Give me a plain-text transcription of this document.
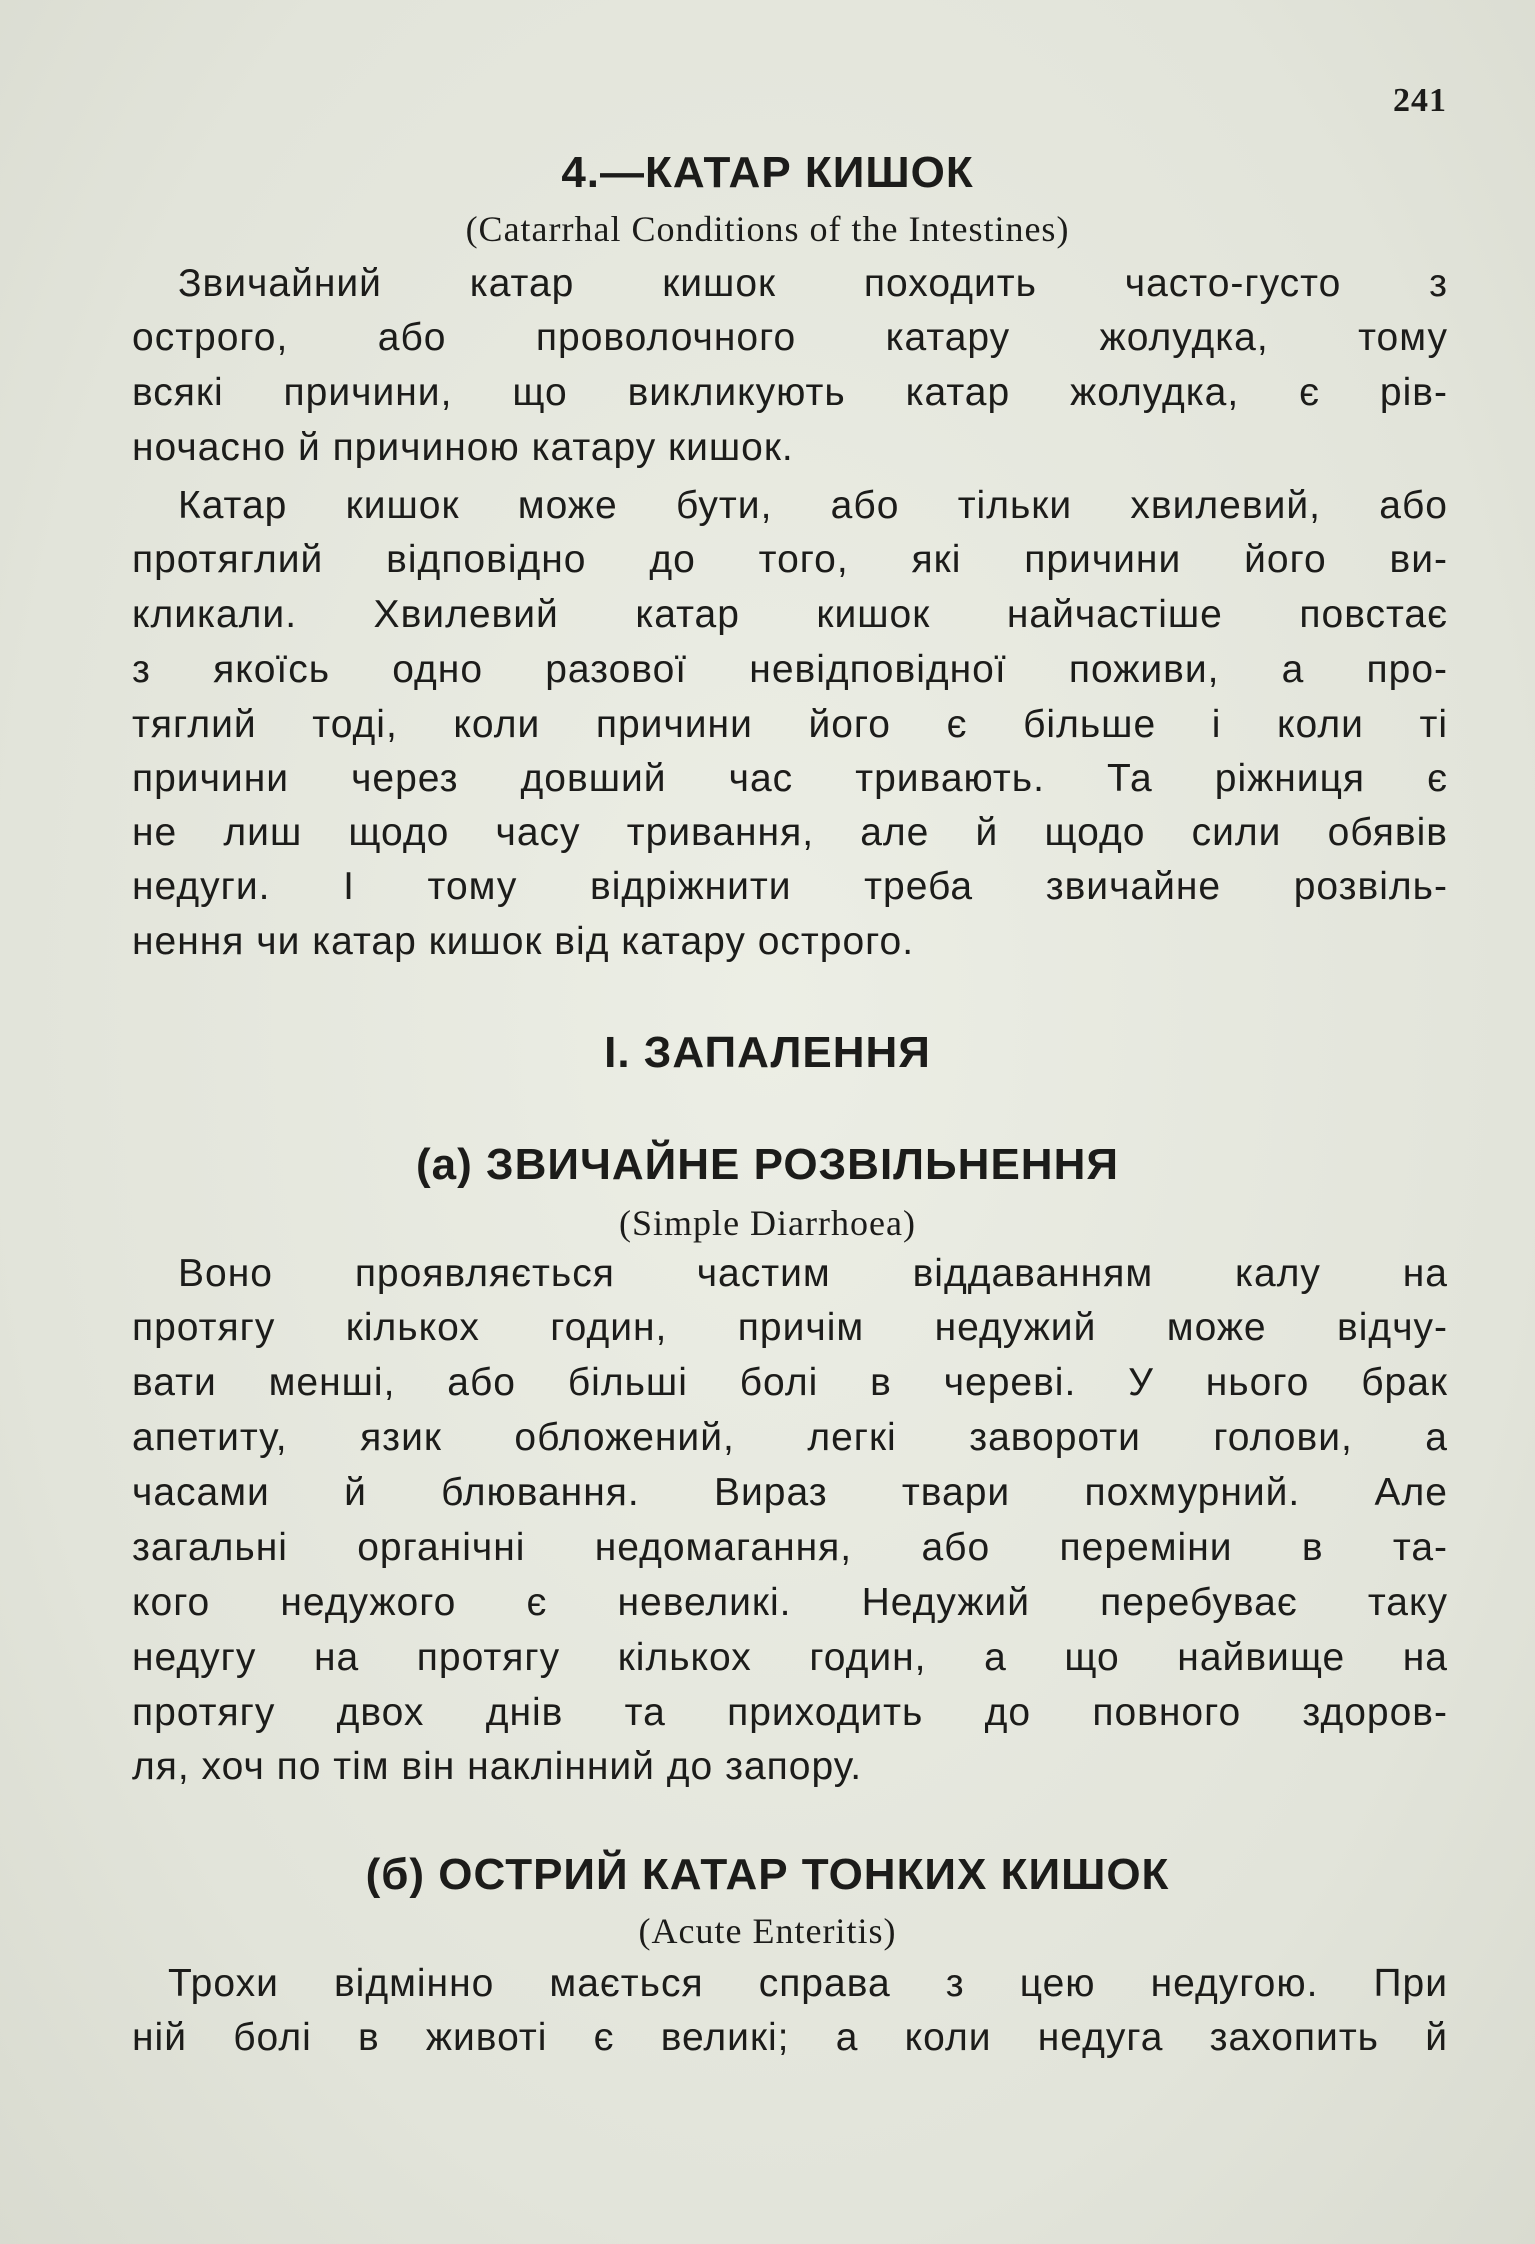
241
4.—КАТАР КИШОК
(Catarrhal Conditions of the Intestines)
Звичайний катар кишок походить часто-густо з
острого, або проволочного катару жолудка, тому
всякі причини, що викликують катар жолудка, є рів-
ночасно й причиною катару кишок.
Катар кишок може бути, або тільки хвилевий, або
протяглий відповідно до того, які причини його ви-
кликали. Хвилевий катар кишок найчастіше повстає
з якоїсь одно разової невідповідної поживи, а про-
тяглий тоді, коли причини його є більше і коли ті
причини через довший час тривають. Та ріжниця є
не лиш щодо часу тривання, але й щодо сили обявів
недуги. І тому відріжнити треба звичайне розвіль-
нення чи катар кишок від катару острого.
І. ЗАПАЛЕННЯ
(а) ЗВИЧАЙНЕ РОЗВІЛЬНЕННЯ
(Simple Diarrhoea)
Воно проявляється частим віддаванням калу на
протягу кількох годин, причім недужий може відчу-
вати менші, або більші болі в череві. У нього брак
апетиту, язик обложений, легкі завороти голови, а
часами й блювання. Вираз твари похмурний. Але
загальні органічні недомагання, або переміни в та-
кого недужого є невеликі. Недужий перебуває таку
недугу на протягу кількох годин, а що найвище на
протягу двох днів та приходить до повного здоров-
ля, хоч по тім він наклінний до запору.
(б) ОСТРИЙ КАТАР ТОНКИХ КИШОК
(Acute Enteritis)
Трохи відмінно мається справа з цею недугою. При
ній болі в животі є великі; а коли недуга захопить й
